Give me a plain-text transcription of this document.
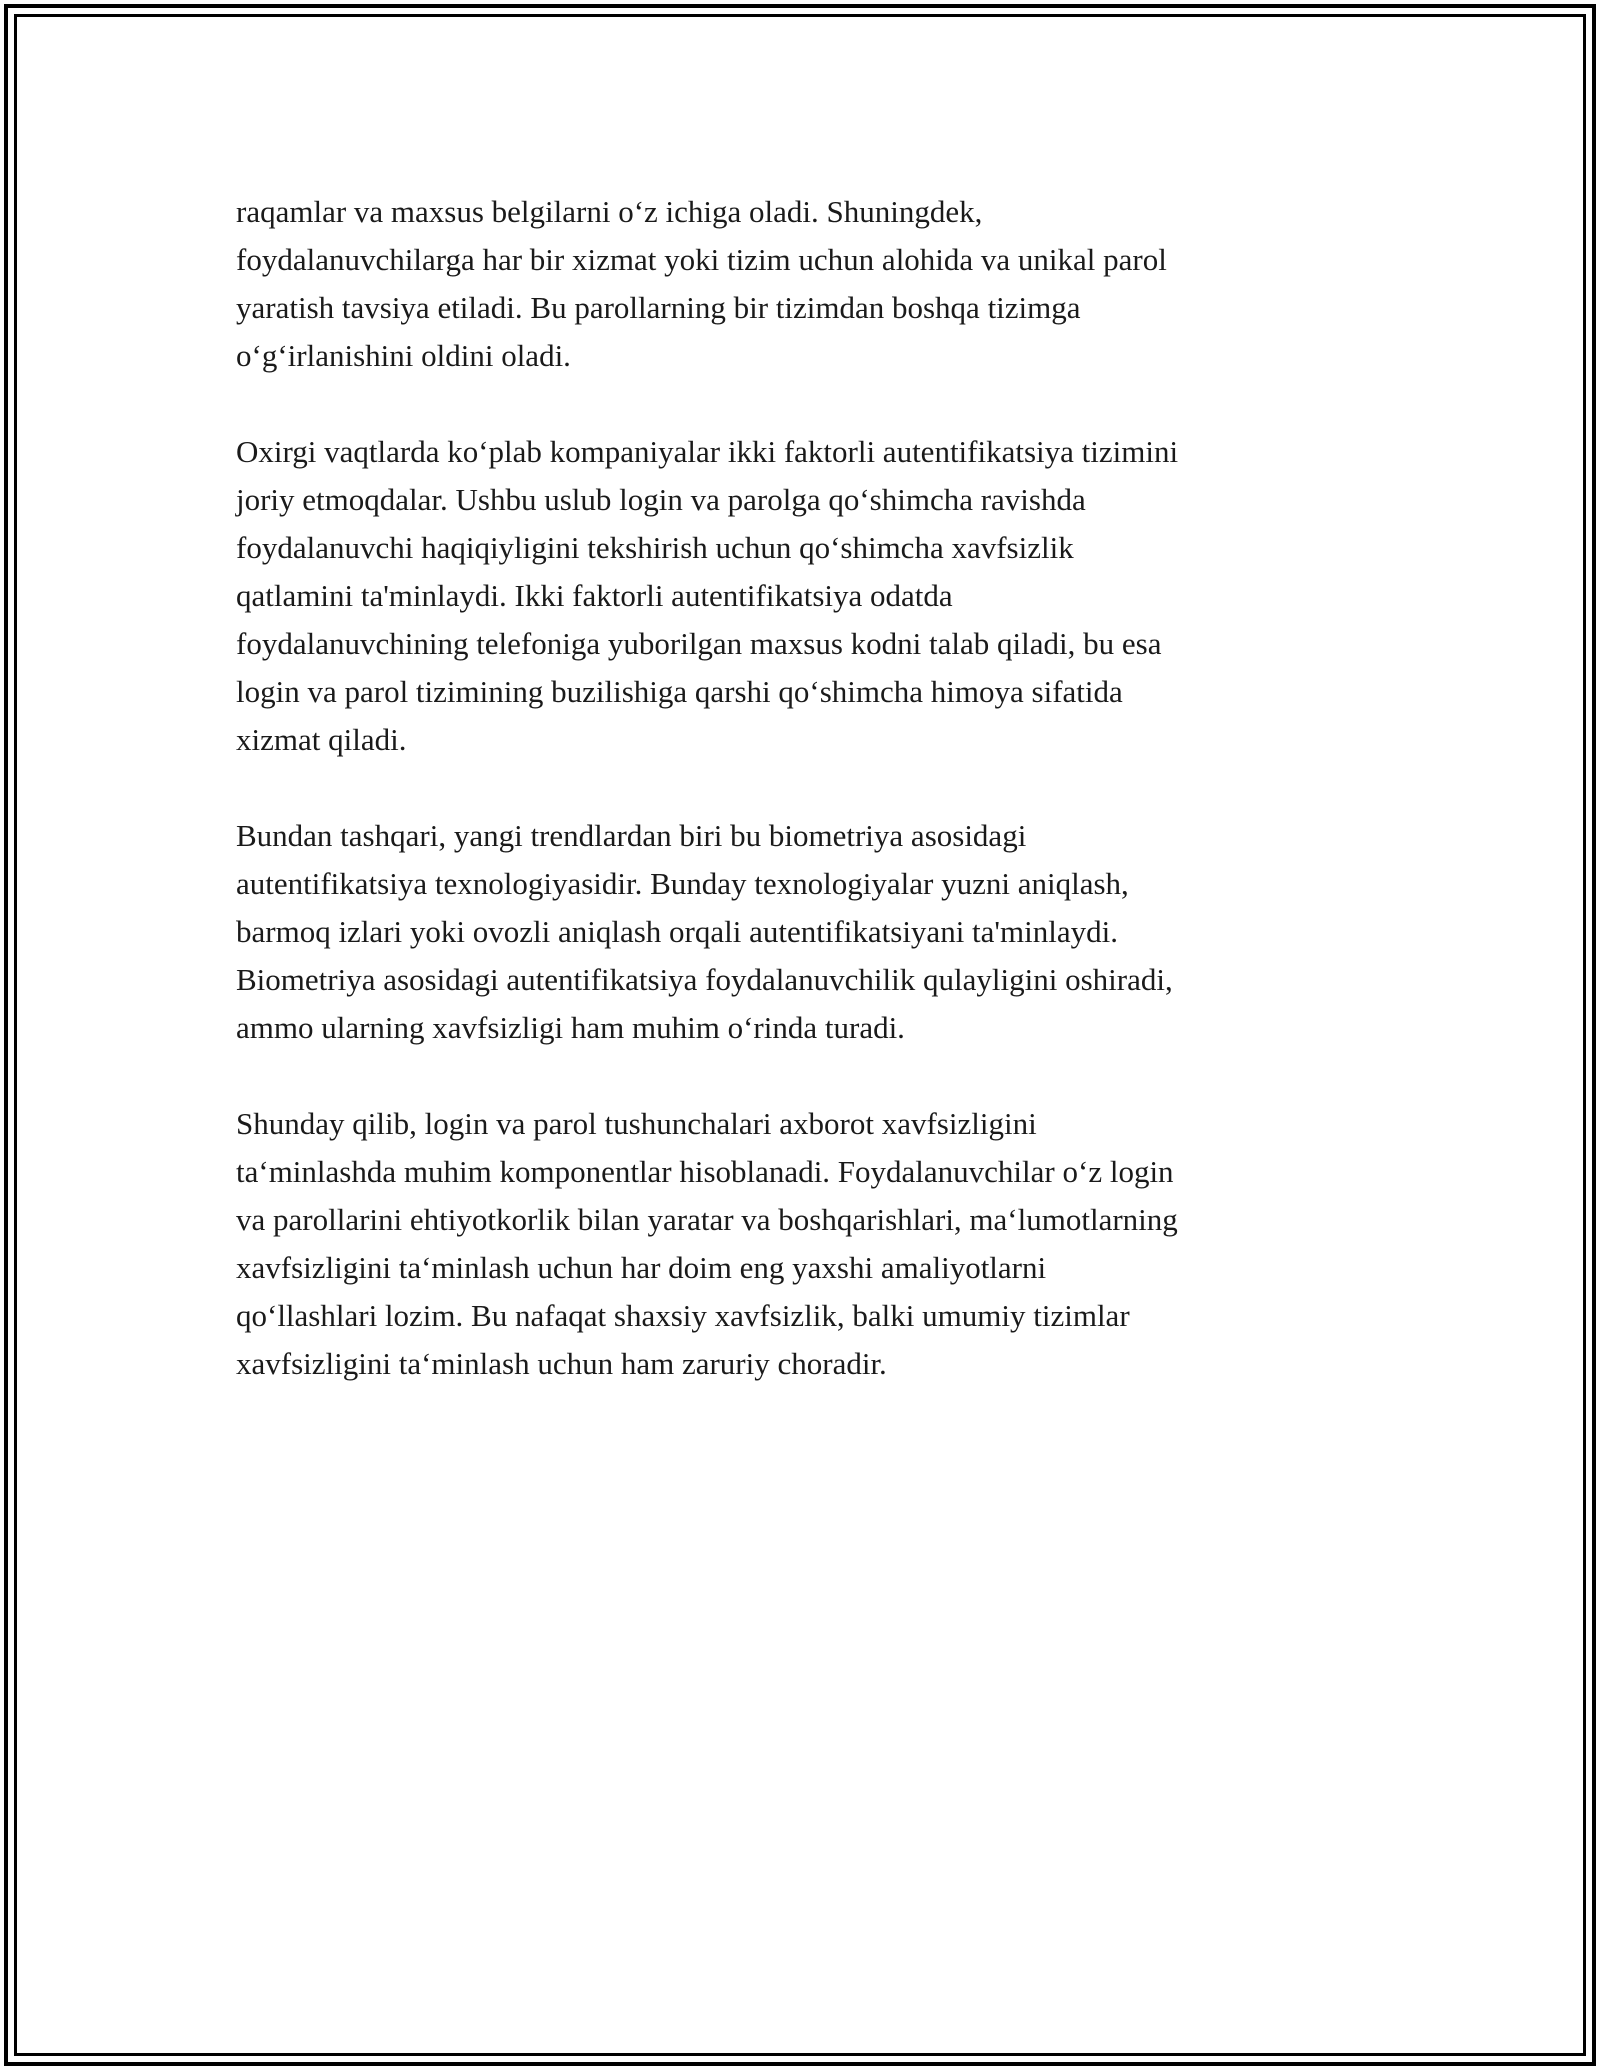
raqamlar va maxsus belgilarni o‘z ichiga oladi. Shuningdek,
foydalanuvchilarga har bir xizmat yoki tizim uchun alohida va unikal parol
yaratish tavsiya etiladi. Bu parollarning bir tizimdan boshqa tizimga
o‘g‘irlanishini oldini oladi.

Oxirgi vaqtlarda ko‘plab kompaniyalar ikki faktorli autentifikatsiya tizimini
joriy etmoqdalar. Ushbu uslub login va parolga qo‘shimcha ravishda
foydalanuvchi haqiqiyligini tekshirish uchun qo‘shimcha xavfsizlik
qatlamini ta'minlaydi. Ikki faktorli autentifikatsiya odatda
foydalanuvchining telefoniga yuborilgan maxsus kodni talab qiladi, bu esa
login va parol tizimining buzilishiga qarshi qo‘shimcha himoya sifatida
xizmat qiladi.

Bundan tashqari, yangi trendlardan biri bu biometriya asosidagi
autentifikatsiya texnologiyasidir. Bunday texnologiyalar yuzni aniqlash,
barmoq izlari yoki ovozli aniqlash orqali autentifikatsiyani ta'minlaydi.
Biometriya asosidagi autentifikatsiya foydalanuvchilik qulayligini oshiradi,
ammo ularning xavfsizligi ham muhim o‘rinda turadi.

Shunday qilib, login va parol tushunchalari axborot xavfsizligini
ta‘minlashda muhim komponentlar hisoblanadi. Foydalanuvchilar o‘z login
va parollarini ehtiyotkorlik bilan yaratar va boshqarishlari, ma‘lumotlarning
xavfsizligini ta‘minlash uchun har doim eng yaxshi amaliyotlarni
qo‘llashlari lozim. Bu nafaqat shaxsiy xavfsizlik, balki umumiy tizimlar
xavfsizligini ta‘minlash uchun ham zaruriy choradir.
